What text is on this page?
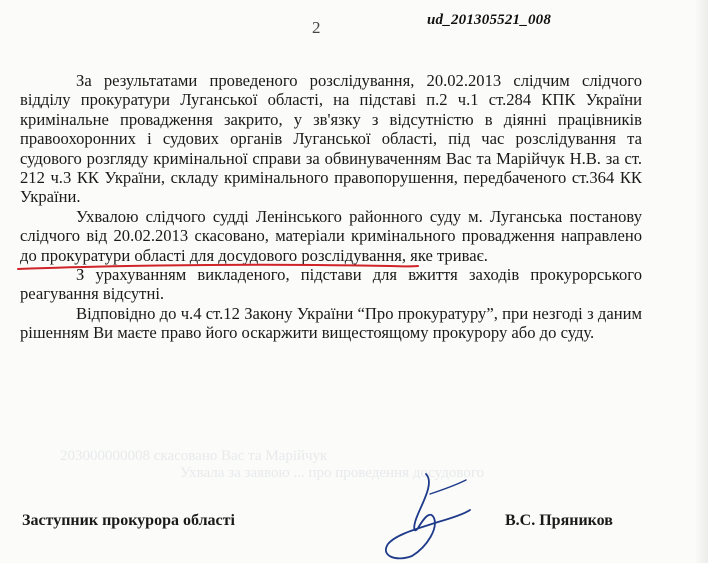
2	ud_201305521_008

За результатами проведеного розслідування, 20.02.2013 слідчим слідчого відділу прокуратури Луганської області, на підставі п.2 ч.1 ст.284 КПК України кримінальне провадження закрито, у зв'язку з відсутністю в діянні працівників правоохоронних і судових органів Луганської області, під час розслідування та судового розгляду кримінальної справи за обвинуваченням Вас та Марійчук Н.В. за ст. 212 ч.3 КК України, складу кримінального правопорушення, передбаченого ст.364 КК України.

Ухвалою слідчого судді Ленінського районного суду м. Луганська постанову слідчого від 20.02.2013 скасовано, матеріали кримінального провадження направлено до прокуратури області для досудового розслідування, яке триває.

З урахуванням викладеного, підстави для вжиття заходів прокурорського реагування відсутні.

Відповідно до ч.4 ст.12 Закону України “Про прокуратуру”, при незгоді з даним рішенням Ви маєте право його оскаржити вищестоящому прокурору або до суду.

203000000008 скасовано Вас та Марійчук
Ухвала за заявою ... про проведення досудового
Заступник прокурора області	В.С. Пряников
